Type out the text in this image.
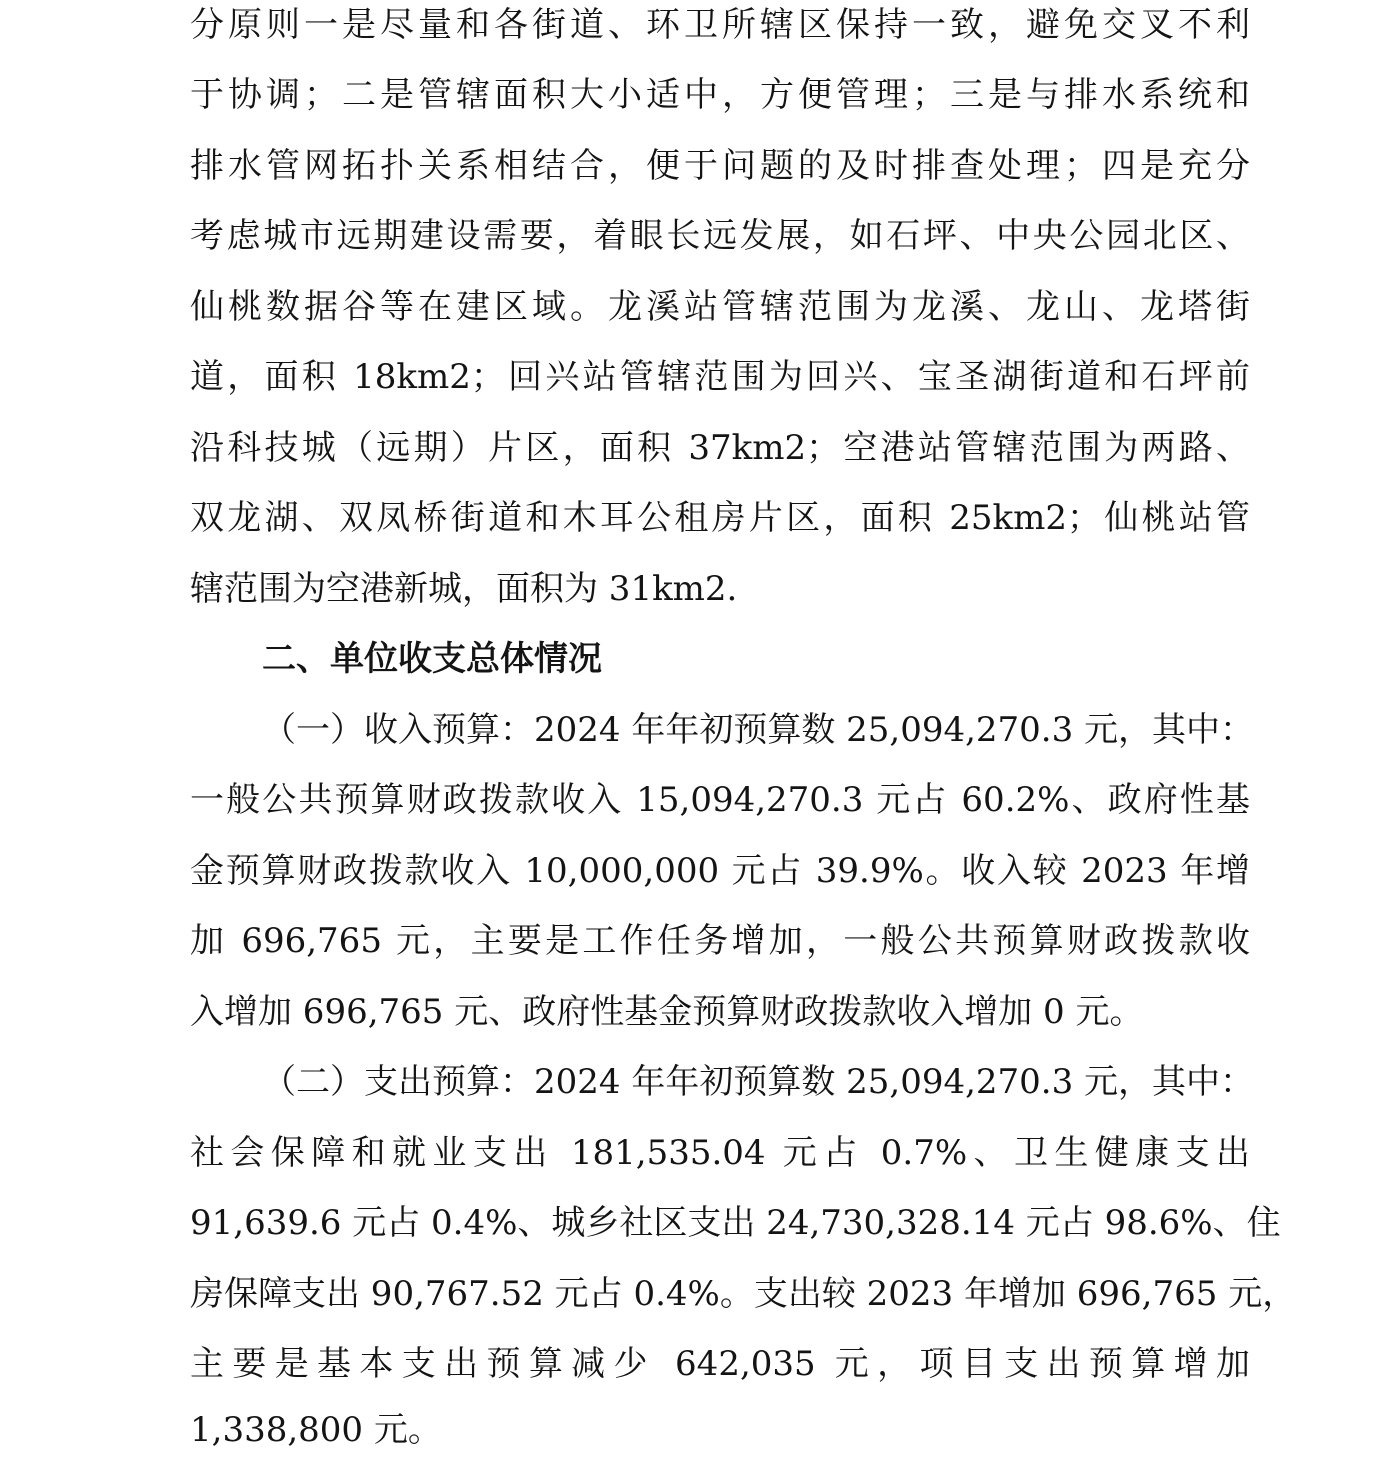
分原则一是尽量和各街道、环卫所辖区保持一致，避免交叉不利
于协调；二是管辖面积大小适中，方便管理；三是与排水系统和
排水管网拓扑关系相结合，便于问题的及时排查处理；四是充分
考虑城市远期建设需要，着眼长远发展，如石坪、中央公园北区、
仙桃数据谷等在建区域。龙溪站管辖范围为龙溪、龙山、龙塔街
道，面积 18km2；回兴站管辖范围为回兴、宝圣湖街道和石坪前
沿科技城（远期）片区，面积 37km2；空港站管辖范围为两路、
双龙湖、双凤桥街道和木耳公租房片区，面积 25km2；仙桃站管
辖范围为空港新城，面积为 31km2.
二、单位收支总体情况
（一）收入预算：2024 年年初预算数 25,094,270.3 元，其中：
一般公共预算财政拨款收入 15,094,270.3 元占 60.2%、政府性基
金预算财政拨款收入 10,000,000 元占 39.9%。收入较 2023 年增
加 696,765 元，主要是工作任务增加，一般公共预算财政拨款收
入增加 696,765 元、政府性基金预算财政拨款收入增加 0 元。
（二）支出预算：2024 年年初预算数 25,094,270.3 元，其中：
社会保障和就业支出 181,535.04 元占 0.7%、卫生健康支出
91,639.6 元占 0.4%、城乡社区支出 24,730,328.14 元占 98.6%、住
房保障支出 90,767.52 元占 0.4%。支出较 2023 年增加 696,765 元，
主要是基本支出预算减少 642,035 元，项目支出预算增加
1,338,800 元。
